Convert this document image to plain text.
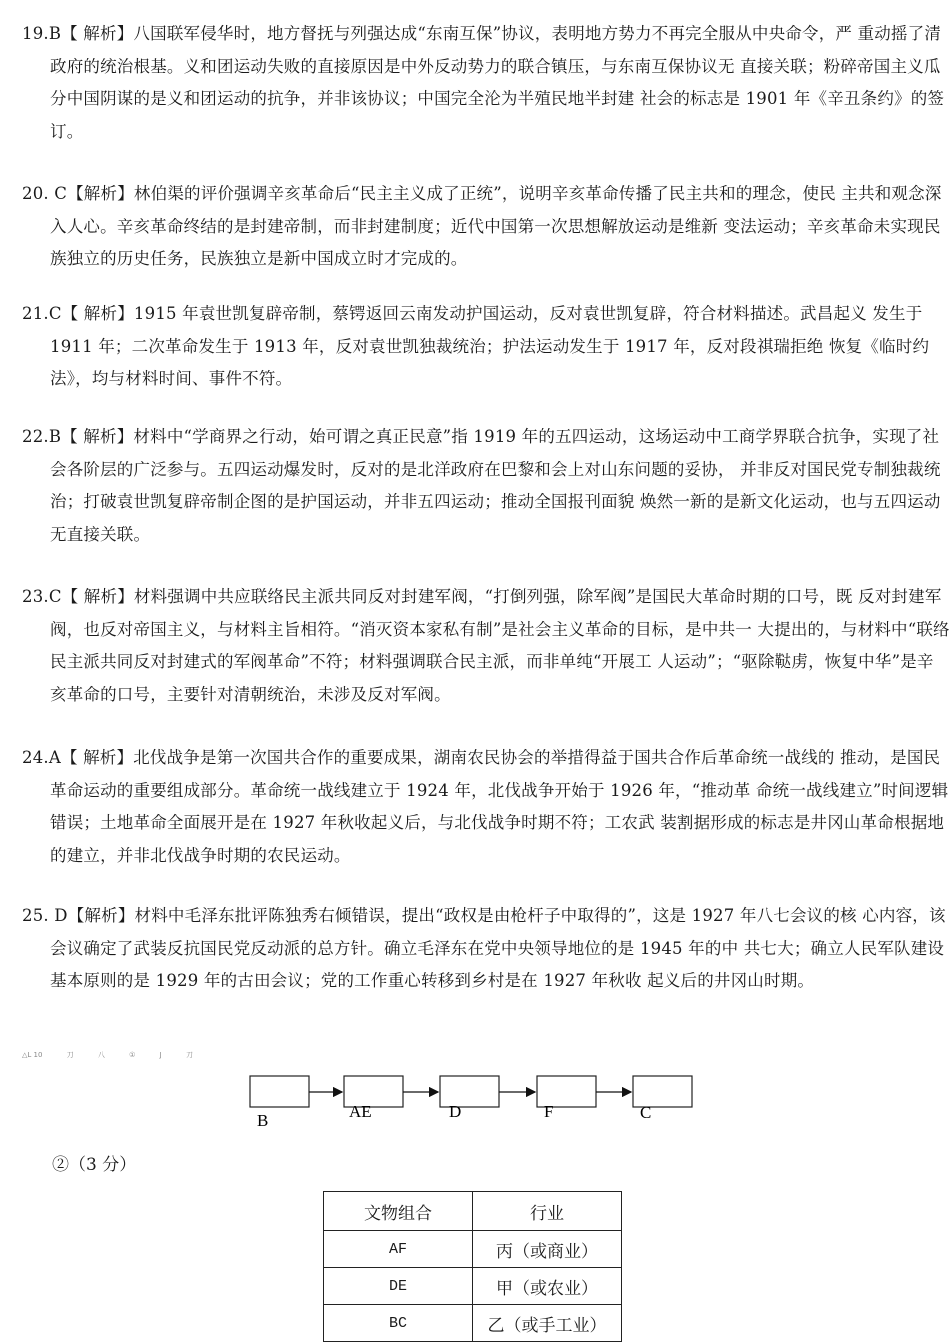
19.B【 解析】八国联军侵华时，地方督抚与列强达成“东南互保”协议，表明地方势力不再完全服从中央命令，严 重动摇了清政府的统治根基。义和团运动失败的直接原因是中外反动势力的联合镇压，与东南互保协议无 直接关联；粉碎帝国主义瓜分中国阴谋的是义和团运动的抗争，并非该协议；中国完全沦为半殖民地半封建 社会的标志是 1901 年《辛丑条约》的签订。

20. C【解析】林伯渠的评价强调辛亥革命后“民主主义成了正统”，说明辛亥革命传播了民主共和的理念，使民 主共和观念深入人心。辛亥革命终结的是封建帝制，而非封建制度；近代中国第一次思想解放运动是维新 变法运动；辛亥革命未实现民族独立的历史任务，民族独立是新中国成立时才完成的。

21.C【 解析】1915 年袁世凯复辟帝制，蔡锷返回云南发动护国运动，反对袁世凯复辟，符合材料描述。武昌起义 发生于 1911 年；二次革命发生于 1913 年，反对袁世凯独裁统治；护法运动发生于 1917 年，反对段祺瑞拒绝 恢复《临时约法》，均与材料时间、事件不符。

22.B【 解析】材料中“学商界之行动，始可谓之真正民意”指 1919 年的五四运动，这场运动中工商学界联合抗争，实现了社会各阶层的广泛参与。五四运动爆发时，反对的是北洋政府在巴黎和会上对山东问题的妥协， 并非反对国民党专制独裁统治；打破袁世凯复辟帝制企图的是护国运动，并非五四运动；推动全国报刊面貌 焕然一新的是新文化运动，也与五四运动无直接关联。

23.C【 解析】材料强调中共应联络民主派共同反对封建军阀，“打倒列强，除军阀”是国民大革命时期的口号，既 反对封建军阀，也反对帝国主义，与材料主旨相符。“消灭资本家私有制”是社会主义革命的目标，是中共一 大提出的，与材料中“联络民主派共同反对封建式的军阀革命”不符；材料强调联合民主派，而非单纯“开展工 人运动”；“驱除鞑虏，恢复中华”是辛亥革命的口号，主要针对清朝统治，未涉及反对军阀。

24.A【 解析】北伐战争是第一次国共合作的重要成果，湖南农民协会的举措得益于国共合作后革命统一战线的 推动，是国民革命运动的重要组成部分。革命统一战线建立于 1924 年，北伐战争开始于 1926 年，“推动革 命统一战线建立”时间逻辑错误；土地革命全面展开是在 1927 年秋收起义后，与北伐战争时期不符；工农武 装割据形成的标志是井冈山革命根据地的建立，并非北伐战争时期的农民运动。

25. D【解析】材料中毛泽东批评陈独秀右倾错误，提出“政权是由枪杆子中取得的”，这是 1927 年八七会议的核 心内容，该会议确定了武装反抗国民党反动派的总方针。确立毛泽东在党中央领导地位的是 1945 年的中 共七大；确立人民军队建设基本原则的是 1929 年的古田会议；党的工作重心转移到乡村是在 1927 年秋收 起义后的井冈山时期。

△L 10	刀	八	①	J	刀
B	AE	D	F	C
②（3 分）
文物组合	行业
AF	丙（或商业）
DE	甲（或农业）
BC	乙（或手工业）
